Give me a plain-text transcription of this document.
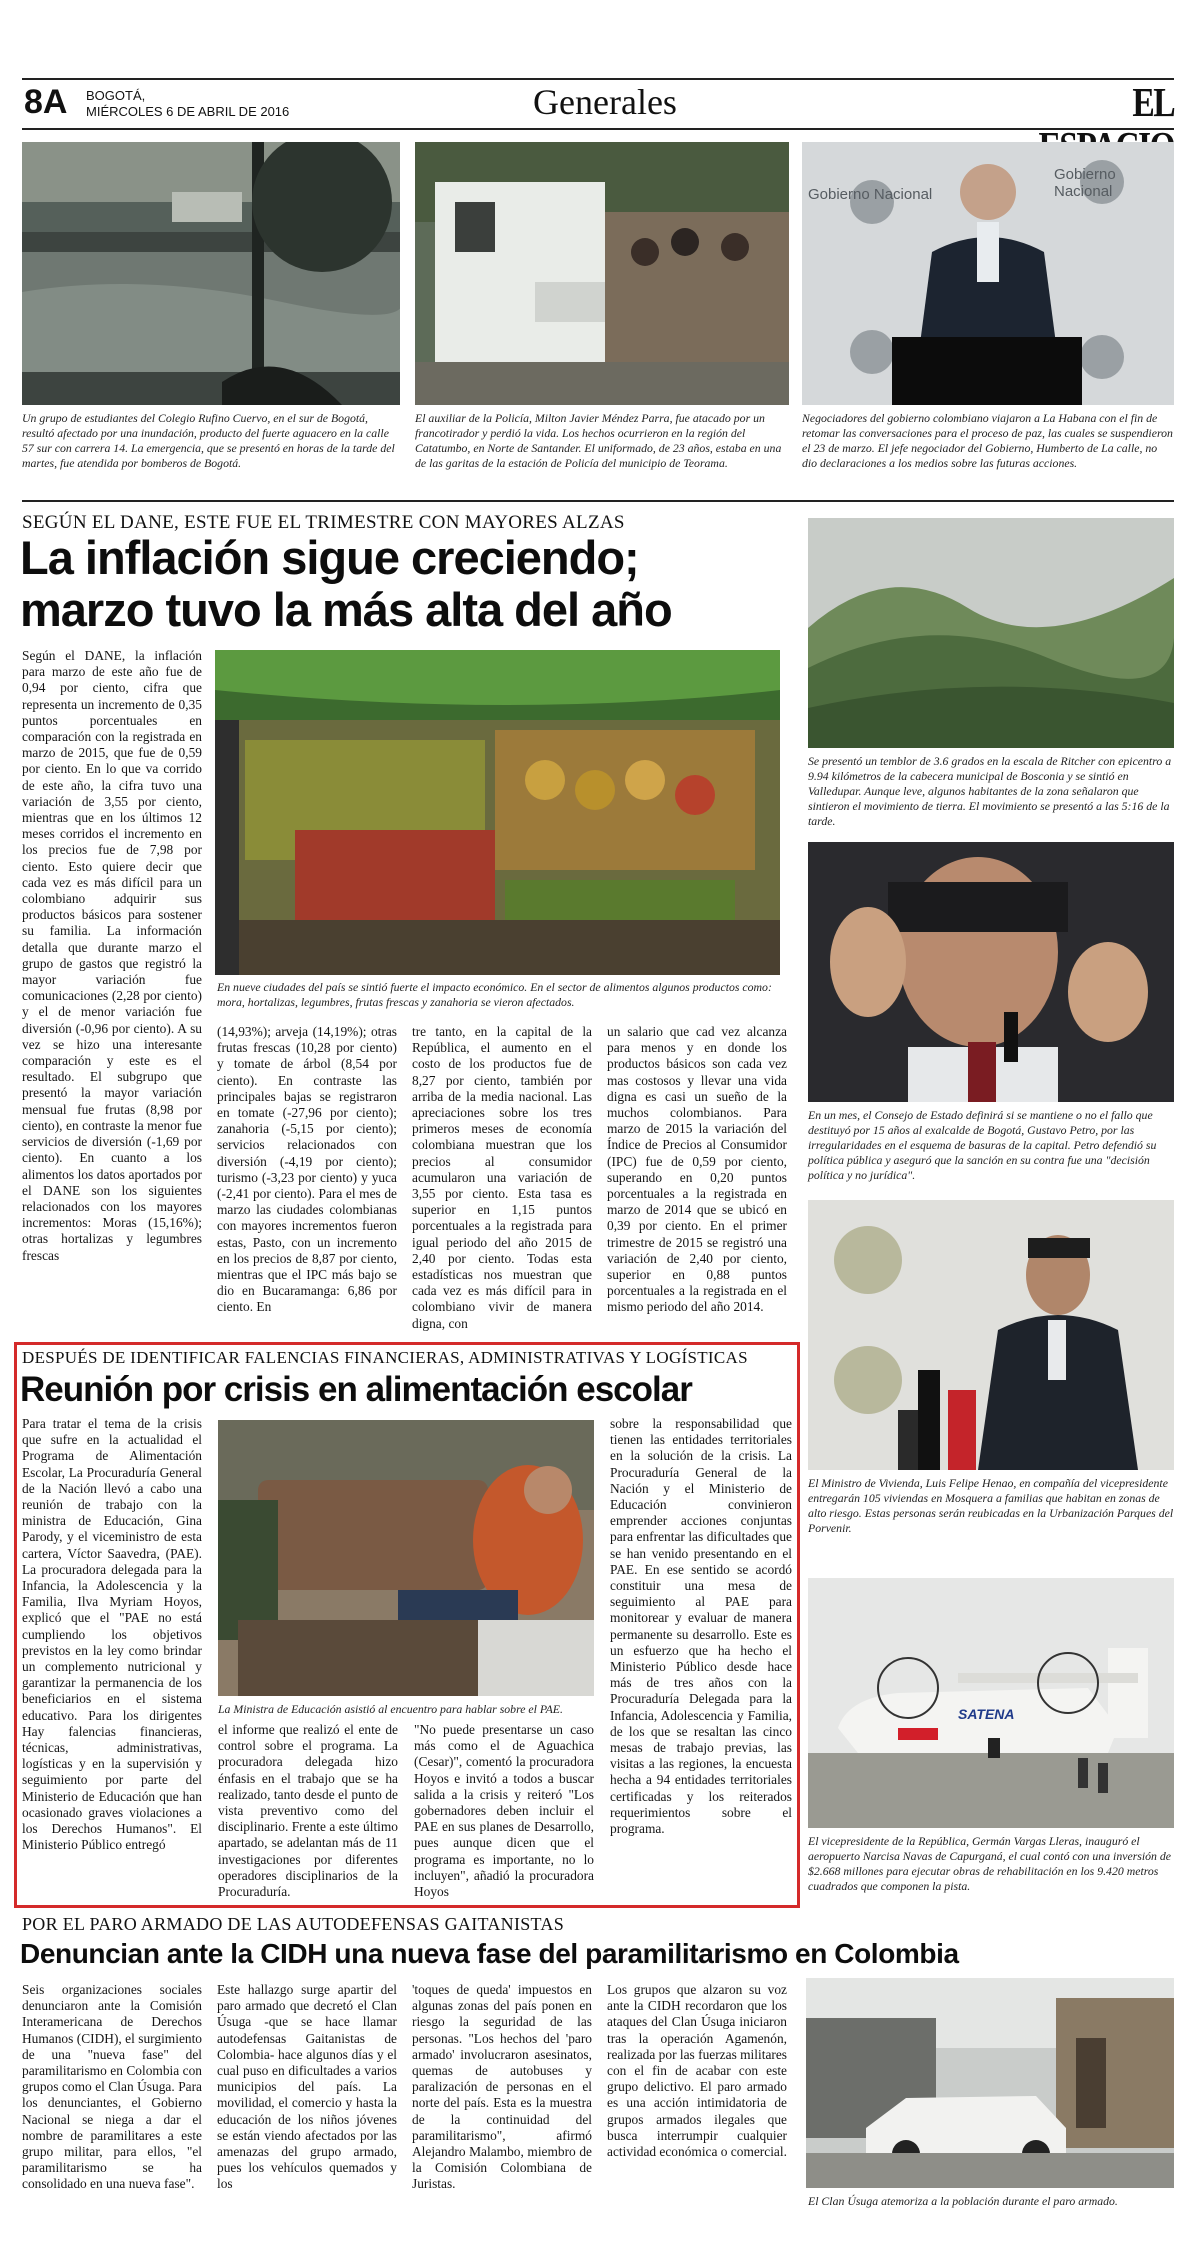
8A BOGOTÁ,
MIÉRCOLES 6 DE ABRIL DE 2016	Generales	EL
Un grupo de estudiantes del Colegio Rufino Cuervo, en el sur de Bogotá, resultó afectado por una inundación, producto del fuerte aguacero en la calle 57 sur con carrera 14. La emergencia, que se presentó en horas de la tarde del martes, fue atendida por bomberos de Bogotá.
El auxiliar de la Policía, Milton Javier Méndez Parra, fue atacado por un francotirador y perdió la vida. Los hechos ocurrieron en la región del Catatumbo, en Norte de Santander. El uniformado, de 23 años, estaba en una de las garitas de la estación de Policía del municipio de Teorama.
Gobierno Nacional
Gobierno Nacional
Negociadores del gobierno colombiano viajaron a La Habana con el fin de retomar las conversaciones para el proceso de paz, las cuales se suspendieron el 23 de marzo. El jefe negociador del Gobierno, Humberto de La calle, no dio declaraciones a los medios sobre las futuras acciones.
SEGÚN EL DANE, ESTE FUE EL TRIMESTRE CON MAYORES ALZAS
La inflación sigue creciendo;
marzo tuvo la más alta del año
Según el DANE, la inflación para marzo de este año fue de 0,94 por ciento, cifra que representa un incremento de 0,35 puntos porcentuales en comparación con la registrada en marzo de 2015, que fue de 0,59 por ciento. En lo que va corrido de este año, la cifra tuvo una variación de 3,55 por ciento, mientras que en los últimos 12 meses corridos el incremento en los precios fue de 7,98 por ciento. Esto quiere decir que cada vez es más difícil para un colombiano adquirir sus productos básicos para sostener su familia. La información detalla que durante marzo el grupo de gastos que registró la mayor variación fue comunicaciones (2,28 por ciento) y el de menor variación fue diversión (-0,96 por ciento). A su vez se hizo una interesante comparación y este es el resultado. El subgrupo que presentó la mayor variación mensual fue frutas (8,98 por ciento), en contraste la menor fue servicios de diversión (-1,69 por ciento). En cuanto a los alimentos los datos aportados por el DANE son los siguientes relacionados con los mayores incrementos: Moras (15,16%); otras hortalizas y legumbres frescas
En nueve ciudades del país se sintió fuerte el impacto económico. En el sector de alimentos algunos productos como: mora, hortalizas, legumbres, frutas frescas y zanahoria se vieron afectados.
(14,93%); arveja (14,19%); otras frutas frescas (10,28 por ciento) y tomate de árbol (8,54 por ciento). En contraste las principales bajas se registraron en tomate (-27,96 por ciento); zanahoria (-5,15 por ciento); servicios relacionados con diversión (-4,19 por ciento); turismo (-3,23 por ciento) y yuca (-2,41 por ciento). Para el mes de marzo las ciudades colombianas con mayores incrementos fueron estas, Pasto, con un incremento en los precios de 8,87 por ciento, mientras que el IPC más bajo se dio en Bucaramanga: 6,86 por ciento. En
tre tanto, en la capital de la República, el aumento en el costo de los productos fue de 8,27 por ciento, también por arriba de la media nacional. Las apreciaciones sobre los tres primeros meses de economía colombiana muestran que los precios al consumidor acumularon una variación de 3,55 por ciento. Esta tasa es superior en 1,15 puntos porcentuales a la registrada para igual periodo del año 2015 de 2,40 por ciento. Todas esta estadísticas nos muestran que cada vez es más difícil para in colombiano vivir de manera digna, con
un salario que cad vez alcanza para menos y en donde los productos básicos son cada vez mas costosos y llevar una vida digna es casi un sueño de la muchos colombianos. Para marzo de 2015 la variación del Índice de Precios al Consumidor (IPC) fue de 0,59 por ciento, superando en 0,20 puntos porcentuales a la registrada en marzo de 2014 que se ubicó en 0,39 por ciento. En el primer trimestre de 2015 se registró una variación de 2,40 por ciento, superior en 0,88 puntos porcentuales a la registrada en el mismo periodo del año 2014.
Se presentó un temblor de 3.6 grados en la escala de Ritcher con epicentro a 9.94 kilómetros de la cabecera municipal de Bosconia y se sintió en Valledupar. Aunque leve, algunos habitantes de la zona señalaron que sintieron el movimiento de tierra. El movimiento se presentó a las 5:16 de la tarde.
En un mes, el Consejo de Estado definirá si se mantiene o no el fallo que destituyó por 15 años al exalcalde de Bogotá, Gustavo Petro, por las irregularidades en el esquema de basuras de la capital. Petro defendió su política pública y aseguró que la sanción en su contra fue una "decisión política y no jurídica".
El Ministro de Vivienda, Luis Felipe Henao, en compañía del vicepresidente entregarán 105 viviendas en Mosquera a familias que habitan en zonas de alto riesgo. Estas personas serán reubicadas en la Urbanización Parques del Porvenir.
SATENA
El vicepresidente de la República, Germán Vargas Lleras, inauguró el aeropuerto Narcisa Navas de Capurganá, el cual contó con una inversión de $2.668 millones para ejecutar obras de rehabilitación en los 9.420 metros cuadrados que componen la pista.
DESPUÉS DE IDENTIFICAR FALENCIAS FINANCIERAS, ADMINISTRATIVAS Y LOGÍSTICAS
Reunión por crisis en alimentación escolar
Para tratar el tema de la crisis que sufre en la actualidad el Programa de Alimentación Escolar, La Procuraduría General de la Nación llevó a cabo una reunión de trabajo con la ministra de Educación, Gina Parody, y el viceministro de esta cartera, Víctor Saavedra, (PAE). La procuradora delegada para la Infancia, la Adolescencia y la Familia, Ilva Myriam Hoyos, explicó que el "PAE no está cumpliendo los objetivos previstos en la ley como brindar un complemento nutricional y garantizar la permanencia de los beneficiarios en el sistema educativo. Para los dirigentes Hay falencias financieras, técnicas, administrativas, logísticas y en la supervisión y seguimiento por parte del Ministerio de Educación que han ocasionado graves violaciones a los Derechos Humanos". El Ministerio Público entregó
La Ministra de Educación asistió al encuentro para hablar sobre el PAE.
el informe que realizó el ente de control sobre el programa. La procuradora delegada hizo énfasis en el trabajo que se ha realizado, tanto desde el punto de vista preventivo como del disciplinario. Frente a este último apartado, se adelantan más de 11 investigaciones por diferentes operadores disciplinarios de la Procuraduría.
"No puede presentarse un caso más como el de Aguachica (Cesar)", comentó la procuradora Hoyos e invitó a todos a buscar salida a la crisis y reiteró "Los gobernadores deben incluir el PAE en sus planes de Desarrollo, pues aunque dicen que el programa es importante, no lo incluyen", añadió la procuradora Hoyos
sobre la responsabilidad que tienen las entidades territoriales en la solución de la crisis. La Procuraduría General de la Nación y el Ministerio de Educación convinieron emprender acciones conjuntas para enfrentar las dificultades que se han venido presentando en el PAE. En ese sentido se acordó constituir una mesa de seguimiento al PAE para monitorear y evaluar de manera permanente su desarrollo. Este es un esfuerzo que ha hecho el Ministerio Público desde hace más de tres años con la Procuraduría Delegada para la Infancia, Adolescencia y Familia, de los que se resaltan las cinco mesas de trabajo previas, las visitas a las regiones, la encuesta hecha a 94 entidades territoriales certificadas y los reiterados requerimientos sobre el programa.
POR EL PARO ARMADO DE LAS AUTODEFENSAS GAITANISTAS
Denuncian ante la CIDH una nueva fase del paramilitarismo en Colombia
Seis organizaciones sociales denunciaron ante la Comisión Interamericana de Derechos Humanos (CIDH), el surgimiento de una "nueva fase" del paramilitarismo en Colombia con grupos como el Clan Úsuga. Para los denunciantes, el Gobierno Nacional se niega a dar el nombre de paramilitares a este grupo militar, para ellos, "el paramilitarismo se ha consolidado en una nueva fase".
Este hallazgo surge apartir del paro armado que decretó el Clan Úsuga -que se hace llamar autodefensas Gaitanistas de Colombia- hace algunos días y el cual puso en dificultades a varios municipios del país. La movilidad, el comercio y hasta la educación de los niños jóvenes se están viendo afectados por las amenazas del grupo armado, pues los vehículos quemados y los
'toques de queda' impuestos en algunas zonas del país ponen en riesgo la seguridad de las personas. "Los hechos del 'paro armado' involucraron asesinatos, quemas de autobuses y paralización de personas en el norte del país. Esta es la muestra de la continuidad del paramilitarismo", afirmó Alejandro Malambo, miembro de la Comisión Colombiana de Juristas.
Los grupos que alzaron su voz ante la CIDH recordaron que los ataques del Clan Úsuga iniciaron tras la operación Agamenón, realizada por las fuerzas militares con el fin de acabar con este grupo delictivo. El paro armado es una acción intimidatoria de grupos armados ilegales que busca interrumpir cualquier actividad económica o comercial.
El Clan Úsuga atemoriza a la población durante el paro armado.
